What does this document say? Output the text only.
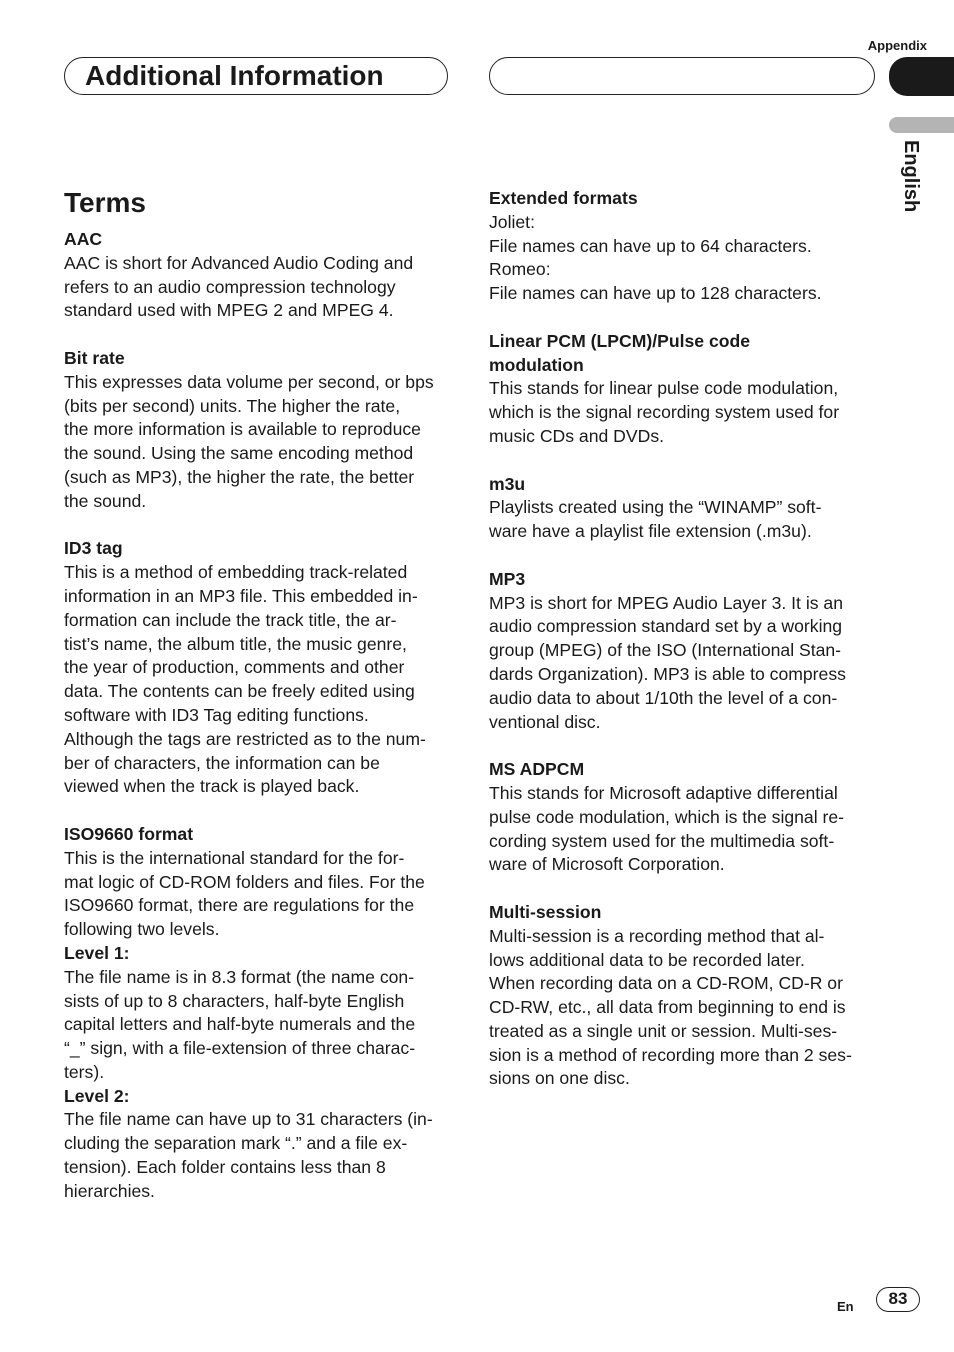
Appendix
Additional Information
English
Terms

AAC

AAC is short for Advanced Audio Coding and

refers to an audio compression technology

standard used with MPEG 2 and MPEG 4.

Bit rate

This expresses data volume per second, or bps

(bits per second) units. The higher the rate,

the more information is available to reproduce

the sound. Using the same encoding method

(such as MP3), the higher the rate, the better

the sound.

ID3 tag

This is a method of embedding track-related

information in an MP3 file. This embedded in-

formation can include the track title, the ar-

tist’s name, the album title, the music genre,

the year of production, comments and other

data. The contents can be freely edited using

software with ID3 Tag editing functions.

Although the tags are restricted as to the num-

ber of characters, the information can be

viewed when the track is played back.

ISO9660 format

This is the international standard for the for-

mat logic of CD-ROM folders and files. For the

ISO9660 format, there are regulations for the

following two levels.

Level 1:

The file name is in 8.3 format (the name con-

sists of up to 8 characters, half-byte English

capital letters and half-byte numerals and the

“_” sign, with a file-extension of three charac-

ters).

Level 2:

The file name can have up to 31 characters (in-

cluding the separation mark “.” and a file ex-

tension). Each folder contains less than 8

hierarchies.

Extended formats

Joliet:

File names can have up to 64 characters.

Romeo:

File names can have up to 128 characters.

Linear PCM (LPCM)/Pulse code

modulation

This stands for linear pulse code modulation,

which is the signal recording system used for

music CDs and DVDs.

m3u

Playlists created using the “WINAMP” soft-

ware have a playlist file extension (.m3u).

MP3

MP3 is short for MPEG Audio Layer 3. It is an

audio compression standard set by a working

group (MPEG) of the ISO (International Stan-

dards Organization). MP3 is able to compress

audio data to about 1/10th the level of a con-

ventional disc.

MS ADPCM

This stands for Microsoft adaptive differential

pulse code modulation, which is the signal re-

cording system used for the multimedia soft-

ware of Microsoft Corporation.

Multi-session

Multi-session is a recording method that al-

lows additional data to be recorded later.

When recording data on a CD-ROM, CD-R or

CD-RW, etc., all data from beginning to end is

treated as a single unit or session. Multi-ses-

sion is a method of recording more than 2 ses-

sions on one disc.

En	83
